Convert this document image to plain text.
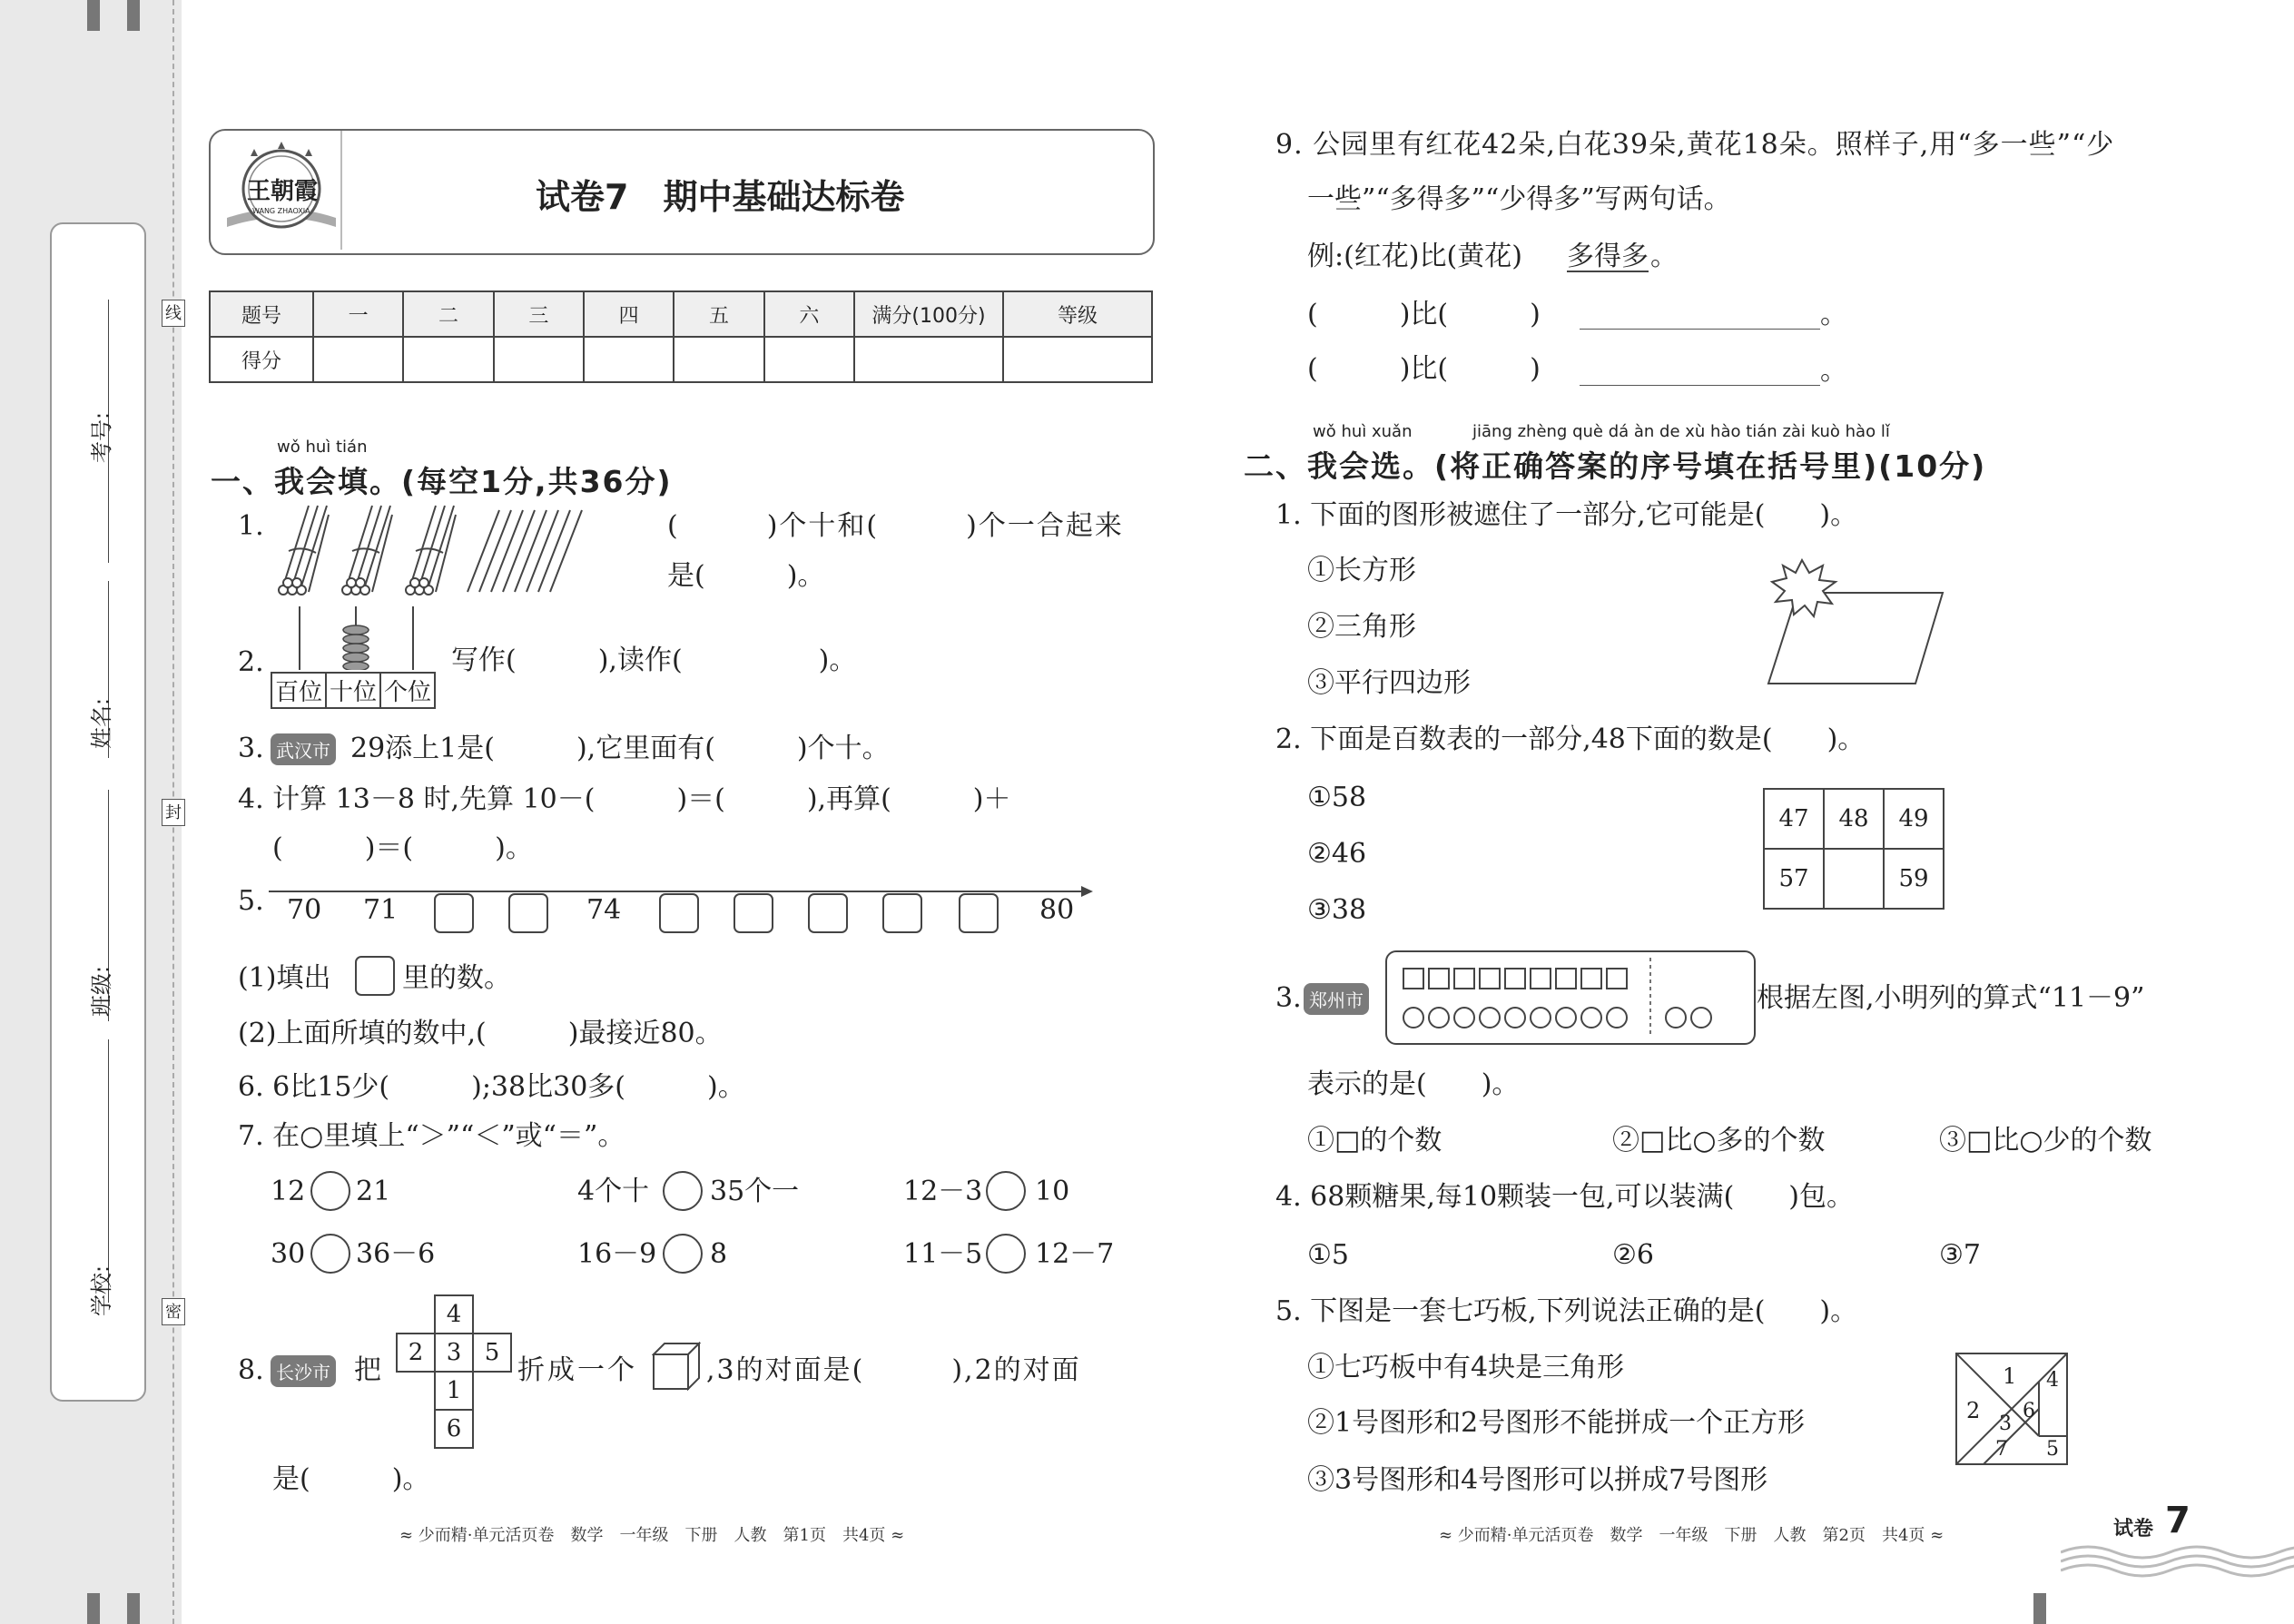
考号:
姓名:
班级:
学校:
线
封
密
王朝霞
WANG ZHAOXIA	试卷7　期中基础达标卷
题号	一	二	三	四	五	六	满分(100分)	等级
得分								
wǒ huì tián
一、我会填。(每空1分,共36分)
1.	(　　　)个十和(　　　)个一合起来
是(　　　)。
2.
百位	十位	个位
写作(　　　),读作(　　　　　)。
3. 武汉市 29添上1是(　　　),它里面有(　　　)个十。
4. 计算 13－8 时,先算 10－(　　　)＝(　　　),再算(　　　)＋
(　　　)＝(　　　)。
5. 70 71	74	80
(1)填出	里的数。
(2)上面所填的数中,(　　　)最接近80。
6. 6比15少(　　　);38比30多(　　　)。
7. 在○里填上“＞”“＜”或“＝”。
12 21	4个十 35个一	12－3 10
30 36－6	16－9 8	11－5 12－7
8. 长沙市 把
4
2 3 5
1
6
折成一个	,3的对面是(　　　),2的对面
是(　　　)。
≈ 少而精·单元活页卷　数学　一年级　下册　人教　第1页　共4页 ≈
9. 公园里有红花42朵,白花39朵,黄花18朵。照样子,用“多一些”“少
一些”“多得多”“少得多”写两句话。
例:(红花)比(黄花) 多得多 。
(　　　)比(　　　)	。
(　　　)比(　　　)	。
wǒ huì xuǎn	jiāng zhèng què dá àn de xù hào tián zài kuò hào lǐ
二、我会选。(将正确答案的序号填在括号里)(10分)
1. 下面的图形被遮住了一部分,它可能是(　　)。
①长方形
②三角形
③平行四边形
2. 下面是百数表的一部分,48下面的数是(　　)。
①58
②46
③38
47	48	49
57		59
3. 郑州市	根据左图,小明列的算式“11－9”
表示的是(　　)。
①□的个数	②□比○多的个数	③□比○少的个数
4. 68颗糖果,每10颗装一包,可以装满(　　)包。
①5	②6	③7
5. 下图是一套七巧板,下列说法正确的是(　　)。
①七巧板中有4块是三角形
②1号图形和2号图形不能拼成一个正方形
③3号图形和4号图形可以拼成7号图形
1 4
2
3
6
7 5
≈ 少而精·单元活页卷　数学　一年级　下册　人教　第2页　共4页 ≈	试卷 7
